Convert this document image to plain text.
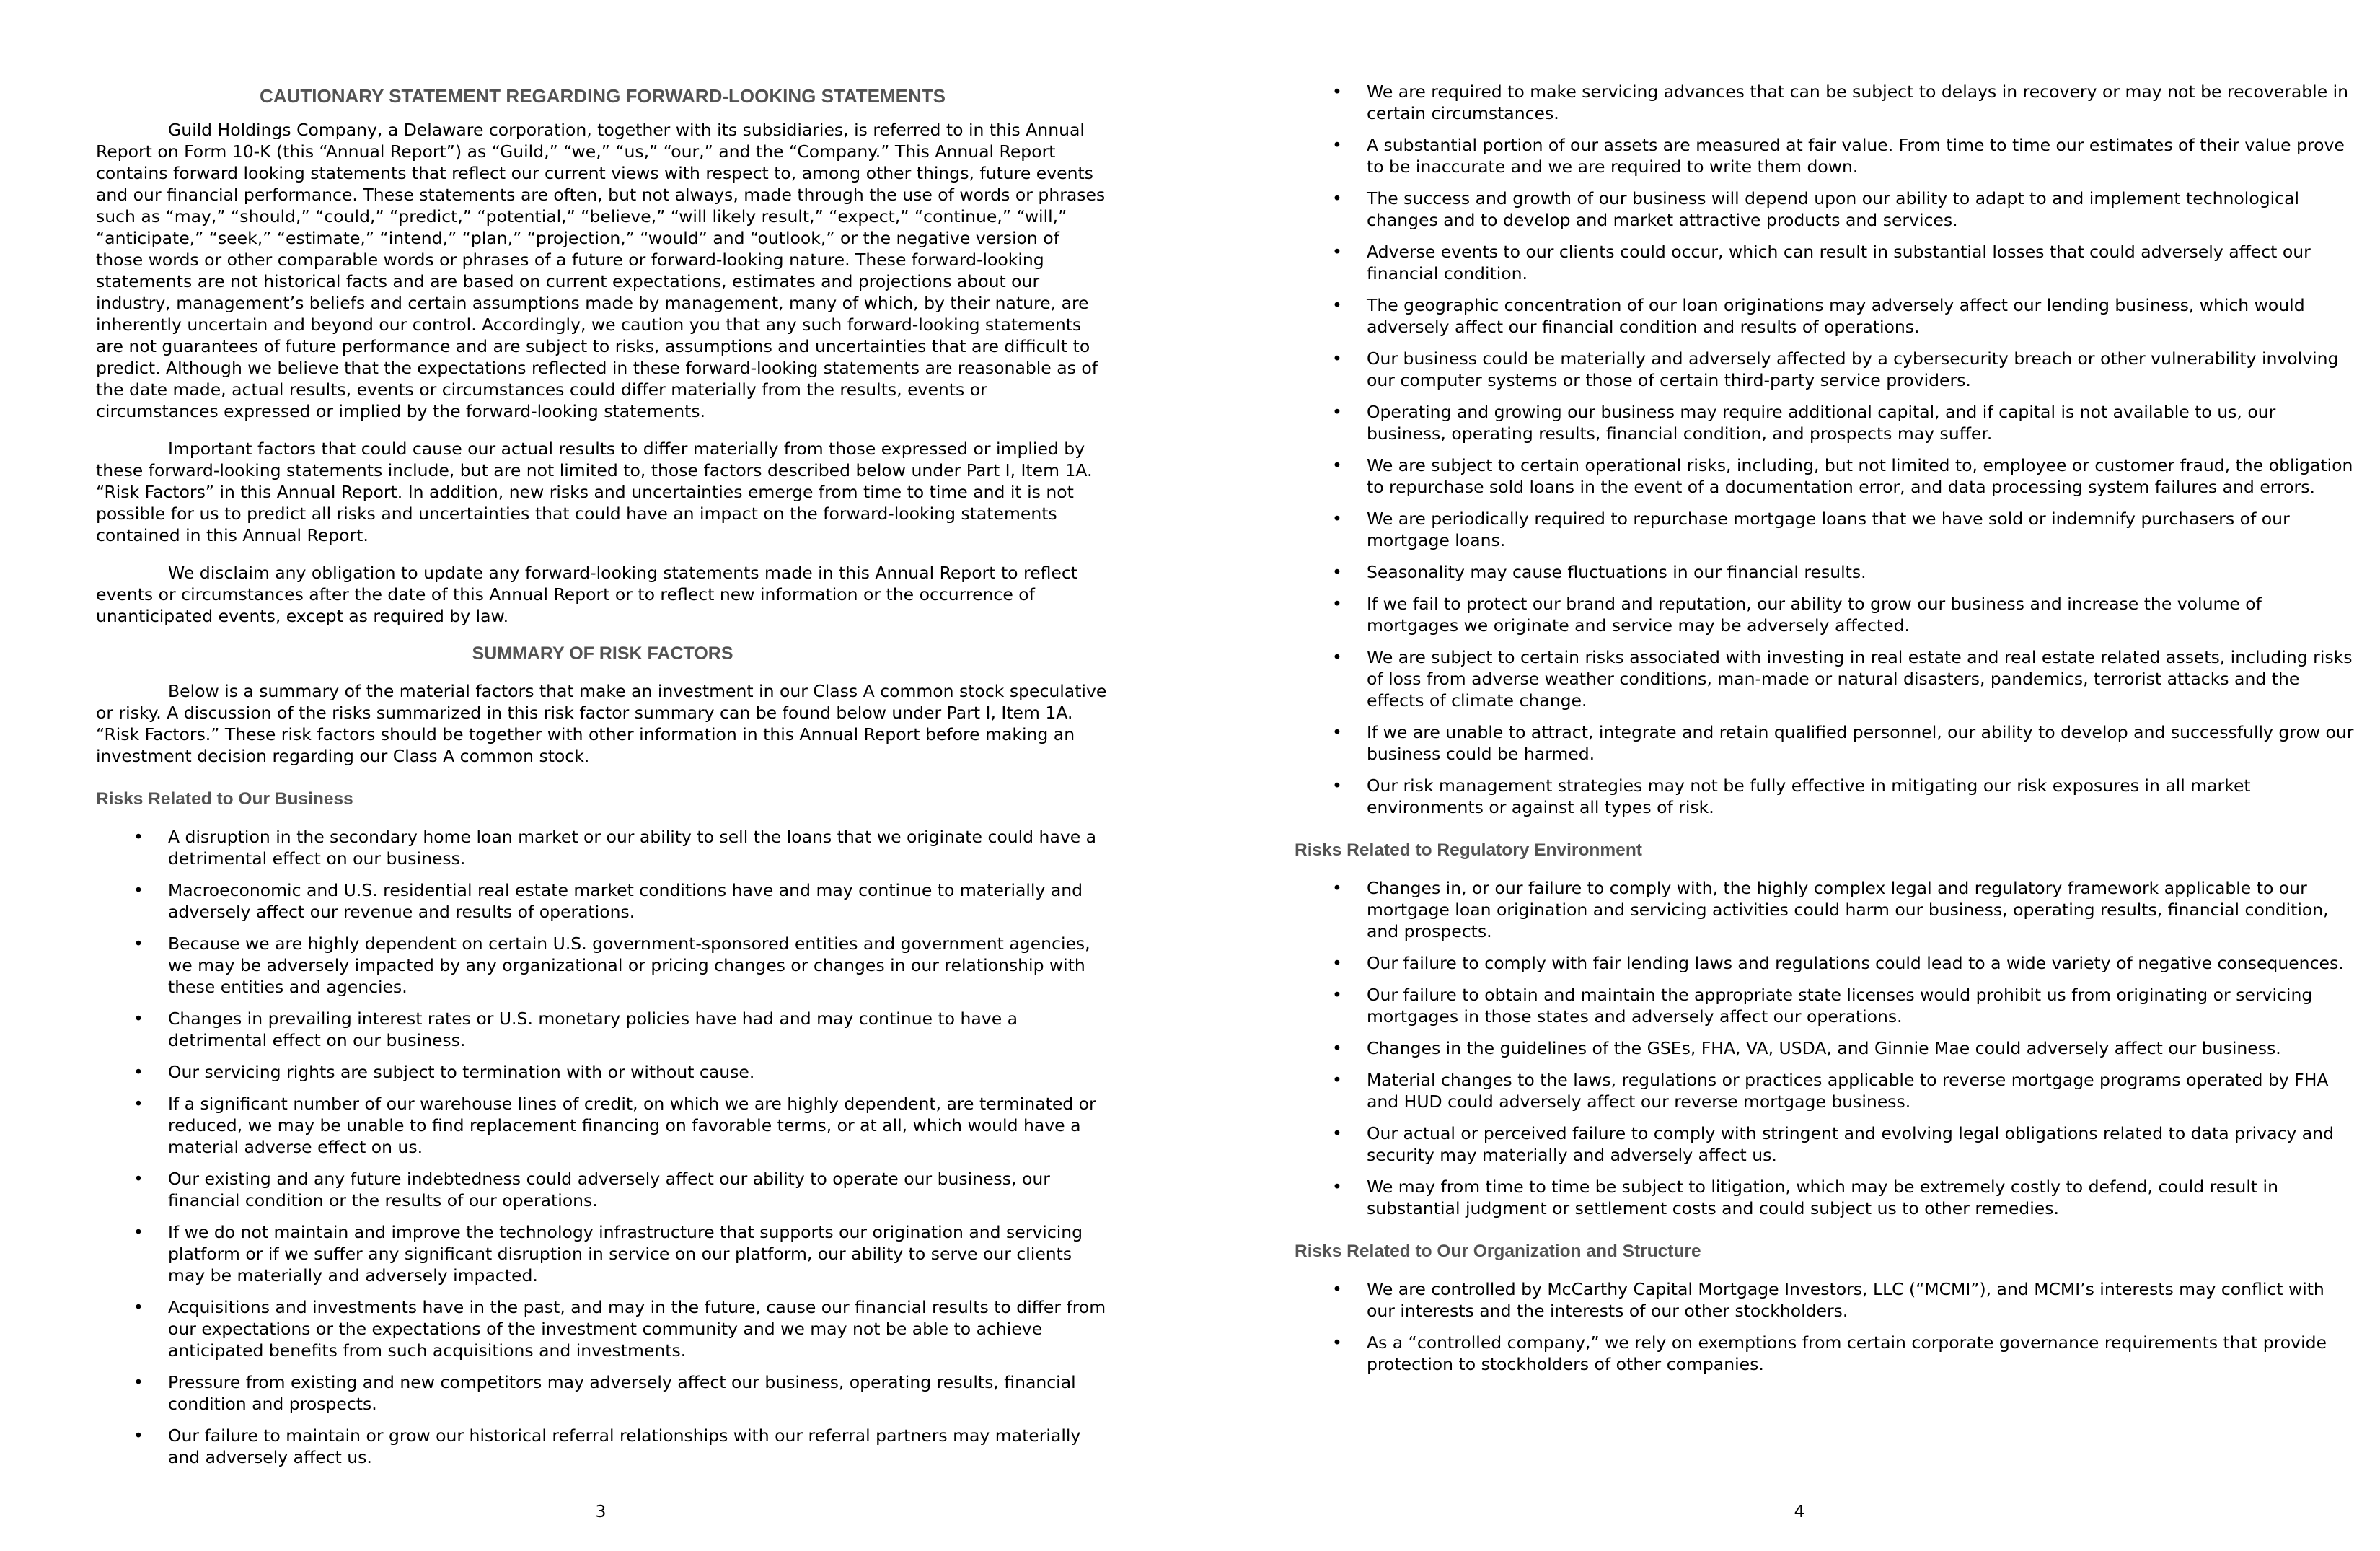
CAUTIONARY STATEMENT REGARDING FORWARD-LOOKING STATEMENTS
Guild Holdings Company, a Delaware corporation, together with its subsidiaries, is referred to in this Annual Report on Form 10-K (this “Annual Report”) as “Guild,” “we,” “us,” “our,” and the “Company.” This Annual Report contains forward looking statements that reflect our current views with respect to, among other things, future events and our financial performance. These statements are often, but not always, made through the use of words or phrases such as “may,” “should,” “could,” “predict,” “potential,” “believe,” “will likely result,” “expect,” “continue,” “will,” “anticipate,” “seek,” “estimate,” “intend,” “plan,” “projection,” “would” and “outlook,” or the negative version of those words or other comparable words or phrases of a future or forward-looking nature. These forward-looking statements are not historical facts and are based on current expectations, estimates and projections about our industry, management’s beliefs and certain assumptions made by management, many of which, by their nature, are inherently uncertain and beyond our control. Accordingly, we caution you that any such forward-looking statements are not guarantees of future performance and are subject to risks, assumptions and uncertainties that are difficult to predict. Although we believe that the expectations reflected in these forward-looking statements are reasonable as of the date made, actual results, events or circumstances could differ materially from the results, events or circumstances expressed or implied by the forward-looking statements.
Important factors that could cause our actual results to differ materially from those expressed or implied by these forward-looking statements include, but are not limited to, those factors described below under Part I, Item 1A. “Risk Factors” in this Annual Report. In addition, new risks and uncertainties emerge from time to time and it is not possible for us to predict all risks and uncertainties that could have an impact on the forward-looking statements contained in this Annual Report.
We disclaim any obligation to update any forward-looking statements made in this Annual Report to reflect events or circumstances after the date of this Annual Report or to reflect new information or the occurrence of unanticipated events, except as required by law.
SUMMARY OF RISK FACTORS
Below is a summary of the material factors that make an investment in our Class A common stock speculative or risky. A discussion of the risks summarized in this risk factor summary can be found below under Part I, Item 1A. “Risk Factors.” These risk factors should be together with other information in this Annual Report before making an investment decision regarding our Class A common stock.
Risks Related to Our Business
• A disruption in the secondary home loan market or our ability to sell the loans that we originate could have a detrimental effect on our business.
• Macroeconomic and U.S. residential real estate market conditions have and may continue to materially and adversely affect our revenue and results of operations.
• Because we are highly dependent on certain U.S. government-sponsored entities and government agencies, we may be adversely impacted by any organizational or pricing changes or changes in our relationship with these entities and agencies.
• Changes in prevailing interest rates or U.S. monetary policies have had and may continue to have a detrimental effect on our business.
• Our servicing rights are subject to termination with or without cause.
• If a significant number of our warehouse lines of credit, on which we are highly dependent, are terminated or reduced, we may be unable to find replacement financing on favorable terms, or at all, which would have a material adverse effect on us.
• Our existing and any future indebtedness could adversely affect our ability to operate our business, our financial condition or the results of our operations.
• If we do not maintain and improve the technology infrastructure that supports our origination and servicing platform or if we suffer any significant disruption in service on our platform, our ability to serve our clients may be materially and adversely impacted.
• Acquisitions and investments have in the past, and may in the future, cause our financial results to differ from our expectations or the expectations of the investment community and we may not be able to achieve anticipated benefits from such acquisitions and investments.
• Pressure from existing and new competitors may adversely affect our business, operating results, financial condition and prospects.
• Our failure to maintain or grow our historical referral relationships with our referral partners may materially and adversely affect us.
• We are required to make servicing advances that can be subject to delays in recovery or may not be recoverable in certain circumstances.
• A substantial portion of our assets are measured at fair value. From time to time our estimates of their value prove to be inaccurate and we are required to write them down.
• The success and growth of our business will depend upon our ability to adapt to and implement technological changes and to develop and market attractive products and services.
• Adverse events to our clients could occur, which can result in substantial losses that could adversely affect our financial condition.
• The geographic concentration of our loan originations may adversely affect our lending business, which would adversely affect our financial condition and results of operations.
• Our business could be materially and adversely affected by a cybersecurity breach or other vulnerability involving our computer systems or those of certain third-party service providers.
• Operating and growing our business may require additional capital, and if capital is not available to us, our business, operating results, financial condition, and prospects may suffer.
• We are subject to certain operational risks, including, but not limited to, employee or customer fraud, the obligation to repurchase sold loans in the event of a documentation error, and data processing system failures and errors.
• We are periodically required to repurchase mortgage loans that we have sold or indemnify purchasers of our mortgage loans.
• Seasonality may cause fluctuations in our financial results.
• If we fail to protect our brand and reputation, our ability to grow our business and increase the volume of mortgages we originate and service may be adversely affected.
• We are subject to certain risks associated with investing in real estate and real estate related assets, including risks of loss from adverse weather conditions, man-made or natural disasters, pandemics, terrorist attacks and the effects of climate change.
• If we are unable to attract, integrate and retain qualified personnel, our ability to develop and successfully grow our business could be harmed.
• Our risk management strategies may not be fully effective in mitigating our risk exposures in all market environments or against all types of risk.
Risks Related to Regulatory Environment
• Changes in, or our failure to comply with, the highly complex legal and regulatory framework applicable to our mortgage loan origination and servicing activities could harm our business, operating results, financial condition, and prospects.
• Our failure to comply with fair lending laws and regulations could lead to a wide variety of negative consequences.
• Our failure to obtain and maintain the appropriate state licenses would prohibit us from originating or servicing mortgages in those states and adversely affect our operations.
• Changes in the guidelines of the GSEs, FHA, VA, USDA, and Ginnie Mae could adversely affect our business.
• Material changes to the laws, regulations or practices applicable to reverse mortgage programs operated by FHA and HUD could adversely affect our reverse mortgage business.
• Our actual or perceived failure to comply with stringent and evolving legal obligations related to data privacy and security may materially and adversely affect us.
• We may from time to time be subject to litigation, which may be extremely costly to defend, could result in substantial judgment or settlement costs and could subject us to other remedies.
Risks Related to Our Organization and Structure
• We are controlled by McCarthy Capital Mortgage Investors, LLC (“MCMI”), and MCMI’s interests may conflict with our interests and the interests of our other stockholders.
• As a “controlled company,” we rely on exemptions from certain corporate governance requirements that provide protection to stockholders of other companies.
3	4
